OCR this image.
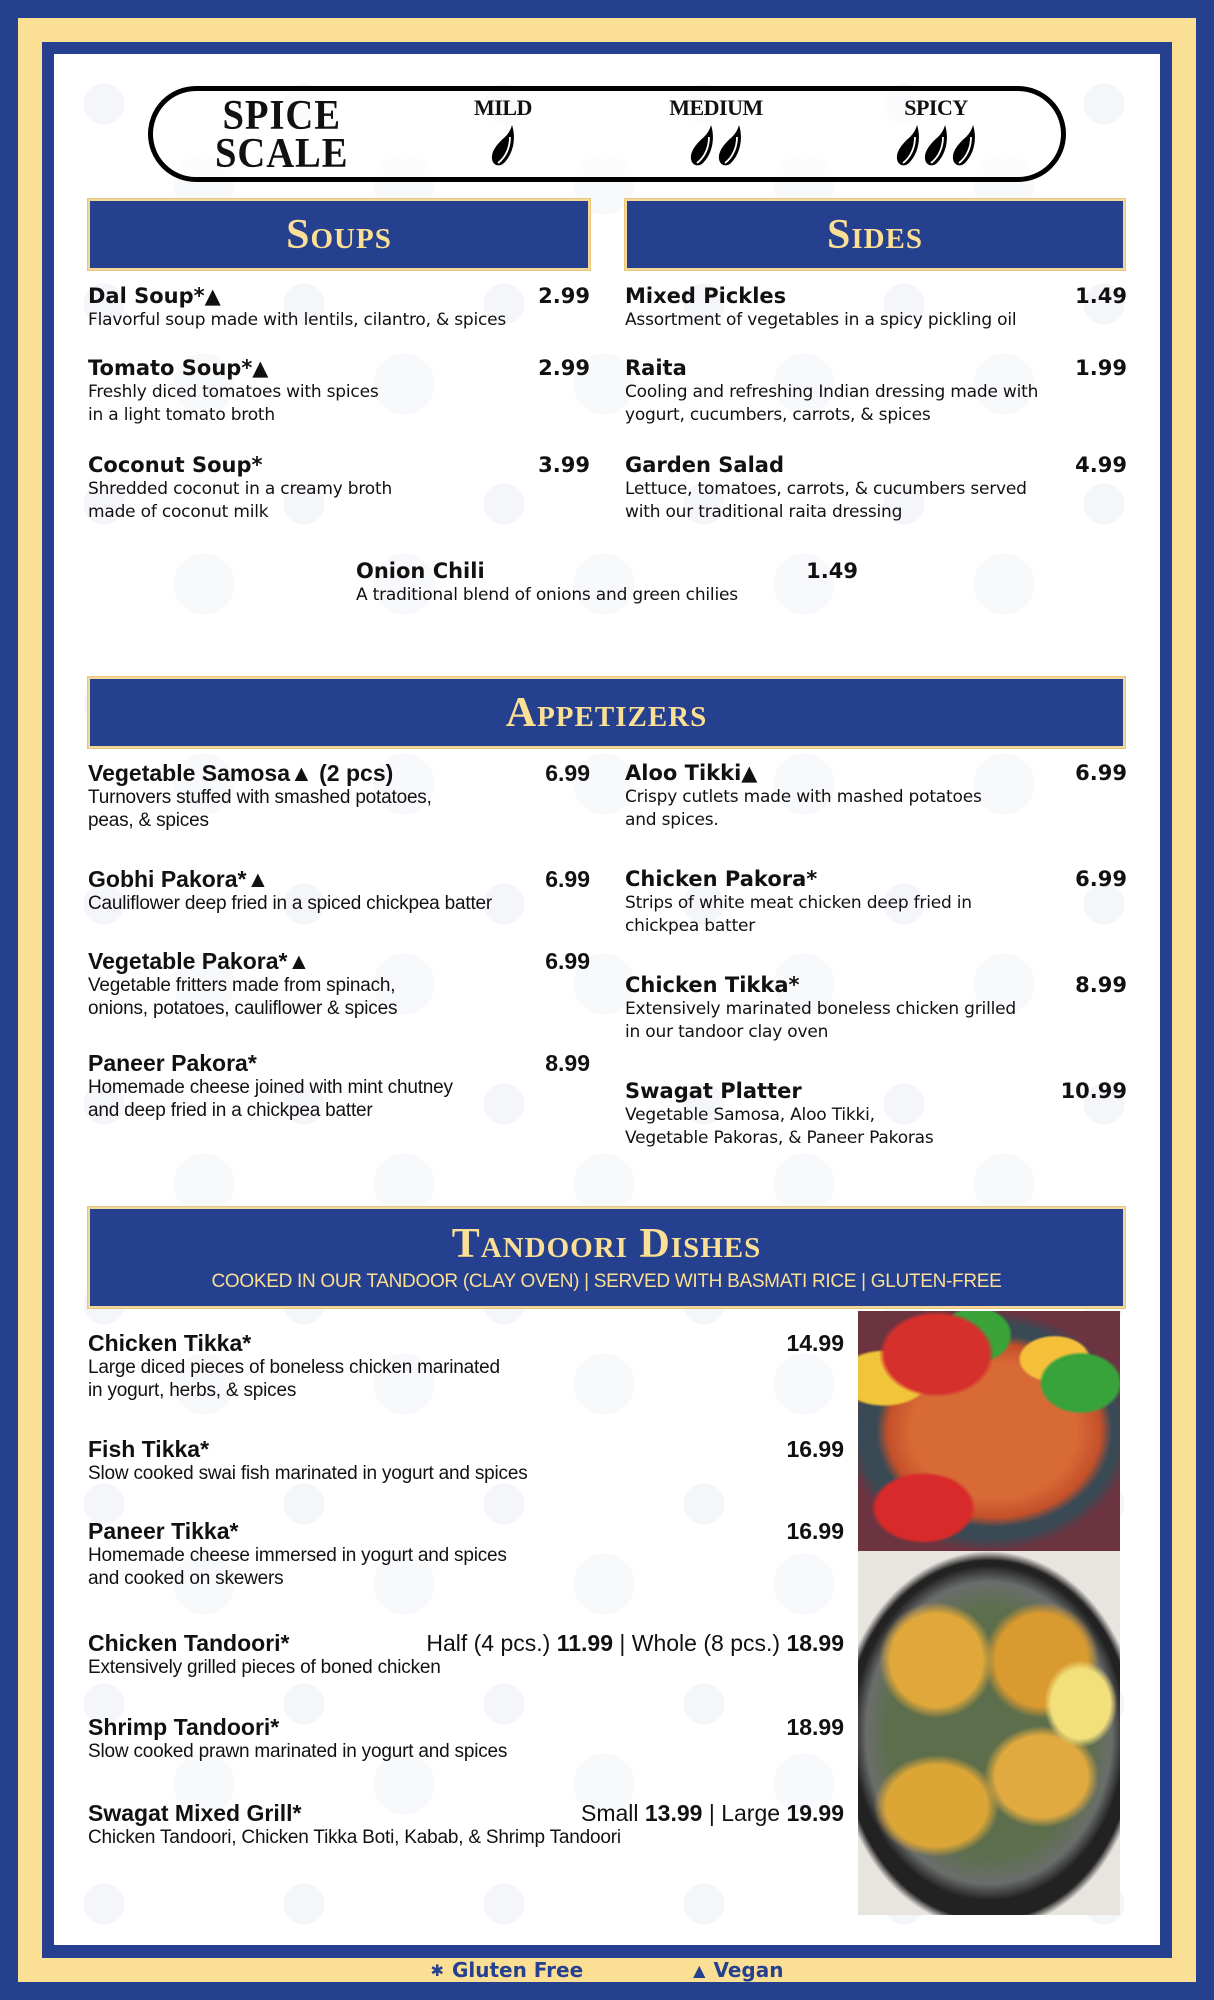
SPICE
SCALE
MILD	MEDIUM	SPICY
Soups	Sides
Appetizers
Tandoori Dishes
COOKED IN OUR TANDOOR (CLAY OVEN) | SERVED WITH BASMATI RICE | GLUTEN-FREE
Dal Soup*▲	2.99
Flavorful soup made with lentils, cilantro, & spices
Tomato Soup*▲	2.99
Freshly diced tomatoes with spices
in a light tomato broth
Coconut Soup*	3.99
Shredded coconut in a creamy broth
made of coconut milk
Mixed Pickles	1.49
Assortment of vegetables in a spicy pickling oil
Raita	1.99
Cooling and refreshing Indian dressing made with
yogurt, cucumbers, carrots, & spices
Garden Salad	4.99
Lettuce, tomatoes, carrots, & cucumbers served
with our traditional raita dressing
Onion Chili	1.49
A traditional blend of onions and green chilies
Vegetable Samosa▲ (2 pcs)	6.99
Turnovers stuffed with smashed potatoes,
peas, & spices
Gobhi Pakora*▲	6.99
Cauliflower deep fried in a spiced chickpea batter
Vegetable Pakora*▲	6.99
Vegetable fritters made from spinach,
onions, potatoes, cauliflower & spices
Paneer Pakora*	8.99
Homemade cheese joined with mint chutney
and deep fried in a chickpea batter
Aloo Tikki▲	6.99
Crispy cutlets made with mashed potatoes
and spices.
Chicken Pakora*	6.99
Strips of white meat chicken deep fried in
chickpea batter
Chicken Tikka*	8.99
Extensively marinated boneless chicken grilled
in our tandoor clay oven
Swagat Platter	10.99
Vegetable Samosa, Aloo Tikki,
Vegetable Pakoras, & Paneer Pakoras
Chicken Tikka*	14.99
Large diced pieces of boneless chicken marinated
in yogurt, herbs, & spices
Fish Tikka*	16.99
Slow cooked swai fish marinated in yogurt and spices
Paneer Tikka*	16.99
Homemade cheese immersed in yogurt and spices
and cooked on skewers
Chicken Tandoori*	Half (4 pcs.) 11.99 | Whole (8 pcs.) 18.99
Extensively grilled pieces of boned chicken
Shrimp Tandoori*	18.99
Slow cooked prawn marinated in yogurt and spices
Swagat Mixed Grill*	Small 13.99 | Large 19.99
Chicken Tandoori, Chicken Tikka Boti, Kabab, & Shrimp Tandoori
✱ Gluten Free	▲ Vegan
